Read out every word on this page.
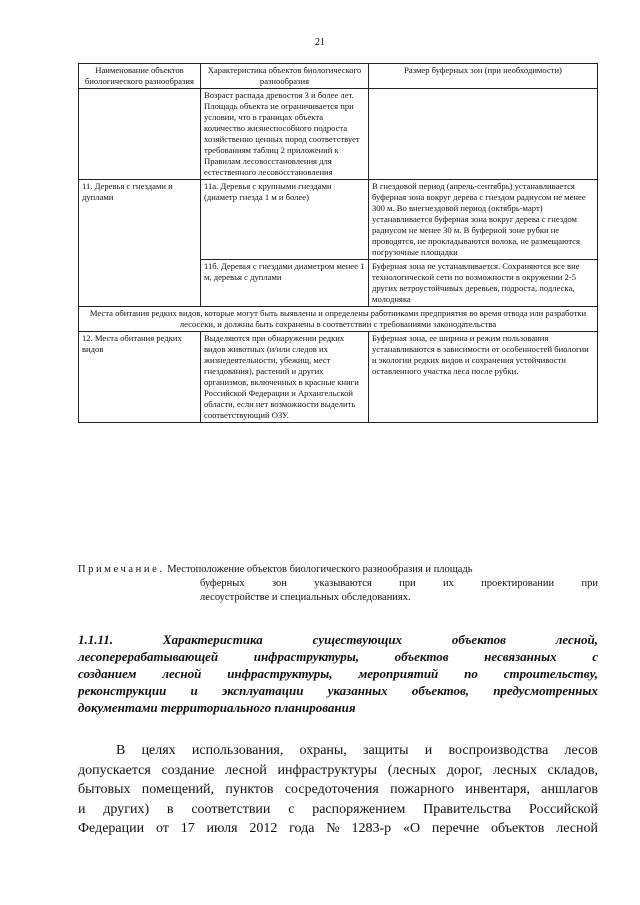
21
Наименование объектов биологического разнообразия	Характеристика объектов биологического разнообразия	Размер буферных зон (при необходимости)
	Возраст распада древостоя 3 и более лет. Площадь объекта не ограничивается при условии, что в границах объекта количество жизнеспособного подроста хозяйственно ценных пород соответствует требованиям таблиц 2 приложений к Правилам лесовосстановления для естественного лесовосстановления	
11. Деревья с гнездами и дуплами	11а. Деревья с крупными гнездами (диаметр гнезда 1 м и более)	В гнездовой период (апрель-сентябрь) устанавливается буферная зона вокруг дерева с гнездом радиусом не менее 300 м. Во внегнездовой период (октябрь-март) устанавливается буферная зона вокруг дерева с гнездом радиусом не менее 30 м. В буферной зоне рубки не проводятся, не прокладываются волока, не размещаются погрузочные площадки
	11б. Деревья с гнездами диаметром менее 1 м, деревья с дуплами	Буферная зона не устанавливается. Сохраняются все вне технологической сети по возможности в окружении 2-5 других ветроустойчивых деревьев, подроста, подлеска, молодняка
Места обитания редких видов, которые могут быть выявлены и определены работниками предприятия во время отвода или разработки лесосеки, и должны быть сохранены в соответствии с требованиями законодательства		
12. Места обитания редких видов	Выделяются при обнаружении редких видов животных (и/или следов их жизнедеятельности, убежищ, мест гнездования), растений и других организмов, включенных в красные книги Российской Федерации и Архангельской области, если нет возможности выделить соответствующий ОЗУ.	Буферная зона, ее ширина и режим пользования устанавливаются в зависимости от особенностей биологии и экологии редких видов и сохранения устойчивости оставленного участка леса после рубки.
Примечание. Местоположение объектов биологического разнообразия и площадь
буферных	зон	указываются	при	их	проектировании	при
лесоустройстве и специальных обследованиях.
1.1.11.	Характеристика	существующих	объектов	лесной,
лесоперерабатывающей	инфраструктуры,	объектов	несвязанных	с
созданием лесной инфраструктуры, мероприятий по строительству,
реконструкции и эксплуатации указанных объектов, предусмотренных
документами территориального планирования
В целях использования, охраны, защиты и воспроизводства лесов
допускается создание лесной инфраструктуры (лесных дорог, лесных складов,
бытовых помещений, пунктов сосредоточения пожарного инвентаря, аншлагов
и других) в соответствии с распоряжением Правительства Российской
Федерации от 17 июля 2012 года № 1283-р «О перечне объектов лесной
